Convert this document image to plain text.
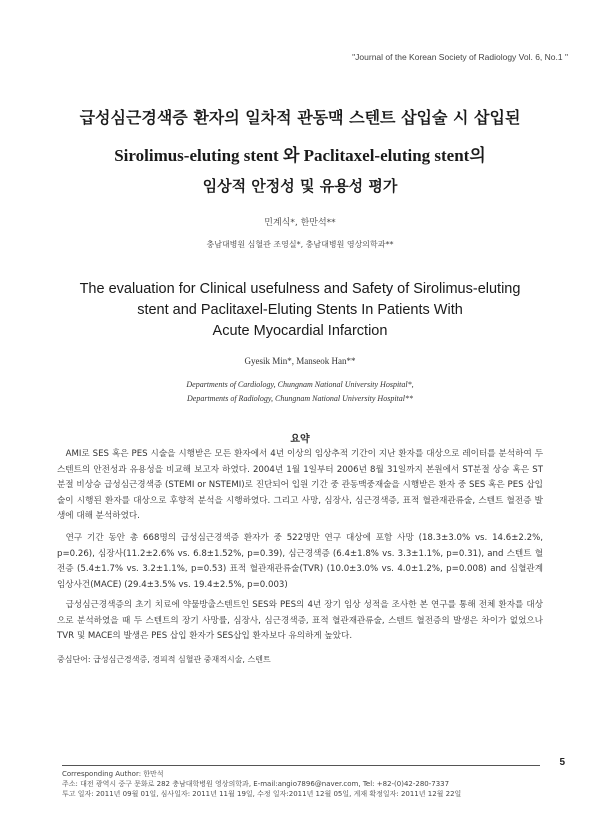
"Journal of the Korean Society of Radiology Vol. 6, No.1 "
급성심근경색증 환자의 일차적 관동맥 스텐트 삽입술 시 삽입된
Sirolimus-eluting stent 와 Paclitaxel-eluting stent의
임상적 안정성 및 유용성 평가
민계식*, 한만석**
충남대병원 심혈관 조영실*, 충남대병원 영상의학과**
The evaluation for Clinical usefulness and Safety of Sirolimus-eluting
stent and Paclitaxel-Eluting Stents In Patients With
Acute Myocardial Infarction
Gyesik Min*, Manseok Han**
Departments of Cardiology, Chungnam National University Hospital*,
Departments of Radiology, Chungnam National University Hospital**
요약
AMI로 SES 혹은 PES 시술을 시행받은 모든 환자에서 4년 이상의 임상추적 기간이 지난 환자를 대상으로 레이터를 분석하여 두 스텐트의 안전성과 유용성을 비교해 보고자 하였다. 2004년 1월 1일부터 2006년 8월 31일까지 본원에서 ST분절 상승 혹은 ST 분절 비상승 급성심근경색증 (STEMI or NSTEMI)로 진단되어 입원 기간 중 관동맥중재술을 시행받은 환자 중 SES 혹은 PES 삽입술이 시행된 환자를 대상으로 후향적 분석을 시행하였다. 그리고 사망, 심장사, 심근경색증, 표적 혈관재관류술, 스텐트 혈전증 발생에 대해 분석하였다.
연구 기간 동안 총 668명의 급성심근경색증 환자가 중 522명만 연구 대상에 포함 사망 (18.3±3.0% vs. 14.6±2.2%, p=0.26), 심장사(11.2±2.6% vs. 6.8±1.52%, p=0.39), 심근경색증 (6.4±1.8% vs. 3.3±1.1%, p=0.31), and 스텐트 혈전증 (5.4±1.7% vs. 3.2±1.1%, p=0.53) 표적 혈관재관류술(TVR) (10.0±3.0% vs. 4.0±1.2%, p=0.008) and 심혈관계 임상사건(MACE) (29.4±3.5% vs. 19.4±2.5%, p=0.003)
급성심근경색증의 초기 치료에 약물방출스텐트인 SES와 PES의 4년 장기 임상 성적을 조사한 본 연구를 통해 전체 환자를 대상으로 분석하였을 때 두 스텐트의 장기 사망률, 심장사, 심근경색증, 표적 혈관재관류술, 스텐트 혈전증의 발생은 차이가 없었으나 TVR 및 MACE의 발생은 PES 삽입 환자가 SES삽입 환자보다 유의하게 높았다.
중심단어: 급성심근경색증, 경피적 심혈관 중재적시술, 스텐트
5
Corresponding Author: 한만석
주소: 대전 광역시 중구 문화로 282 충남대학병원 영상의학과, E-mail:angio7896@naver.com, Tel: +82-(0)42-280-7337
투고 일자: 2011년 09월 01일, 심사일자: 2011년 11월 19일, 수정 일자:2011년 12월 05일, 게재 확정일자: 2011년 12월 22일
